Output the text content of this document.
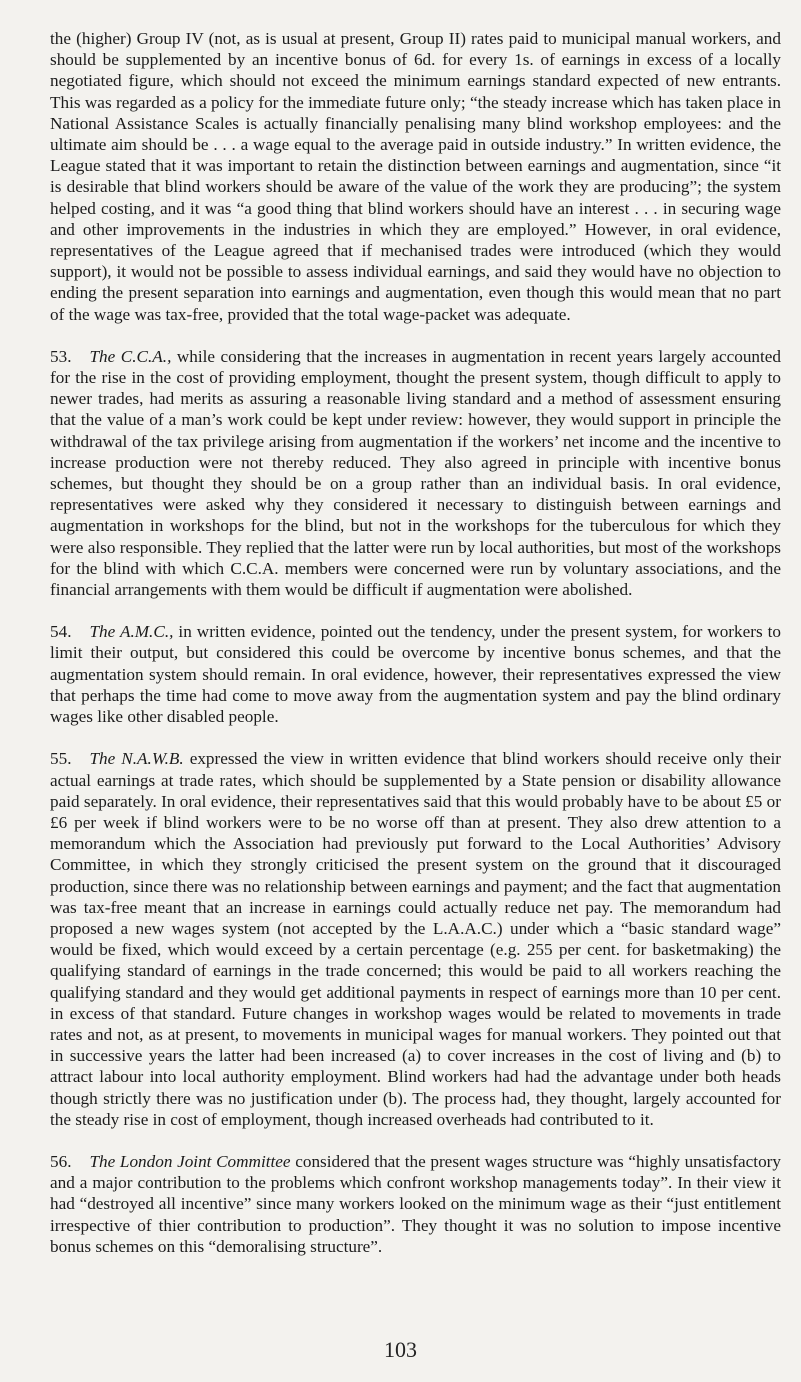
the (higher) Group IV (not, as is usual at present, Group II) rates paid to municipal manual workers, and should be supplemented by an incentive bonus of 6d. for every 1s. of earnings in excess of a locally negotiated figure, which should not exceed the minimum earnings standard expected of new entrants. This was regarded as a policy for the immediate future only; “the steady increase which has taken place in National Assistance Scales is actually financially penalising many blind workshop employees: and the ultimate aim should be . . . a wage equal to the average paid in outside industry.” In written evidence, the League stated that it was important to retain the distinction between earnings and augmentation, since “it is desirable that blind workers should be aware of the value of the work they are producing”; the system helped costing, and it was “a good thing that blind workers should have an interest . . . in securing wage and other improvements in the industries in which they are employed.” However, in oral evidence, representatives of the League agreed that if mechanised trades were introduced (which they would support), it would not be possible to assess individual earnings, and said they would have no objection to ending the present separation into earnings and augmentation, even though this would mean that no part of the wage was tax-free, provided that the total wage-packet was adequate.

53. The C.C.A., while considering that the increases in augmentation in recent years largely accounted for the rise in the cost of providing employment, thought the present system, though difficult to apply to newer trades, had merits as assuring a reasonable living standard and a method of assessment ensuring that the value of a man’s work could be kept under review: however, they would support in principle the withdrawal of the tax privilege arising from augmentation if the workers’ net income and the incentive to increase production were not thereby reduced. They also agreed in principle with incentive bonus schemes, but thought they should be on a group rather than an individual basis. In oral evidence, representatives were asked why they considered it necessary to distinguish between earnings and augmentation in workshops for the blind, but not in the workshops for the tuberculous for which they were also responsible. They replied that the latter were run by local authorities, but most of the workshops for the blind with which C.C.A. members were concerned were run by voluntary associations, and the financial arrangements with them would be difficult if augmentation were abolished.

54. The A.M.C., in written evidence, pointed out the tendency, under the present system, for workers to limit their output, but considered this could be overcome by incentive bonus schemes, and that the augmentation system should remain. In oral evidence, however, their representatives expressed the view that perhaps the time had come to move away from the augmentation system and pay the blind ordinary wages like other disabled people.

55. The N.A.W.B. expressed the view in written evidence that blind workers should receive only their actual earnings at trade rates, which should be supplemented by a State pension or disability allowance paid separately. In oral evidence, their representatives said that this would probably have to be about £5 or £6 per week if blind workers were to be no worse off than at present. They also drew attention to a memorandum which the Association had previously put forward to the Local Authorities’ Advisory Committee, in which they strongly criticised the present system on the ground that it discouraged production, since there was no relationship between earnings and payment; and the fact that augmentation was tax-free meant that an increase in earnings could actually reduce net pay. The memorandum had proposed a new wages system (not accepted by the L.A.A.C.) under which a “basic standard wage” would be fixed, which would exceed by a certain percentage (e.g. 255 per cent. for basketmaking) the qualifying standard of earnings in the trade concerned; this would be paid to all workers reaching the qualifying standard and they would get additional payments in respect of earnings more than 10 per cent. in excess of that standard. Future changes in workshop wages would be related to movements in trade rates and not, as at present, to movements in municipal wages for manual workers. They pointed out that in successive years the latter had been increased (a) to cover increases in the cost of living and (b) to attract labour into local authority employment. Blind workers had had the advantage under both heads though strictly there was no justification under (b). The process had, they thought, largely accounted for the steady rise in cost of employment, though increased overheads had contributed to it.

56. The London Joint Committee considered that the present wages structure was “highly unsatisfactory and a major contribution to the problems which confront workshop managements today”. In their view it had “destroyed all incentive” since many workers looked on the minimum wage as their “just entitlement irrespective of thier contribution to production”. They thought it was no solution to impose incentive bonus schemes on this “demoralising structure”.

103
